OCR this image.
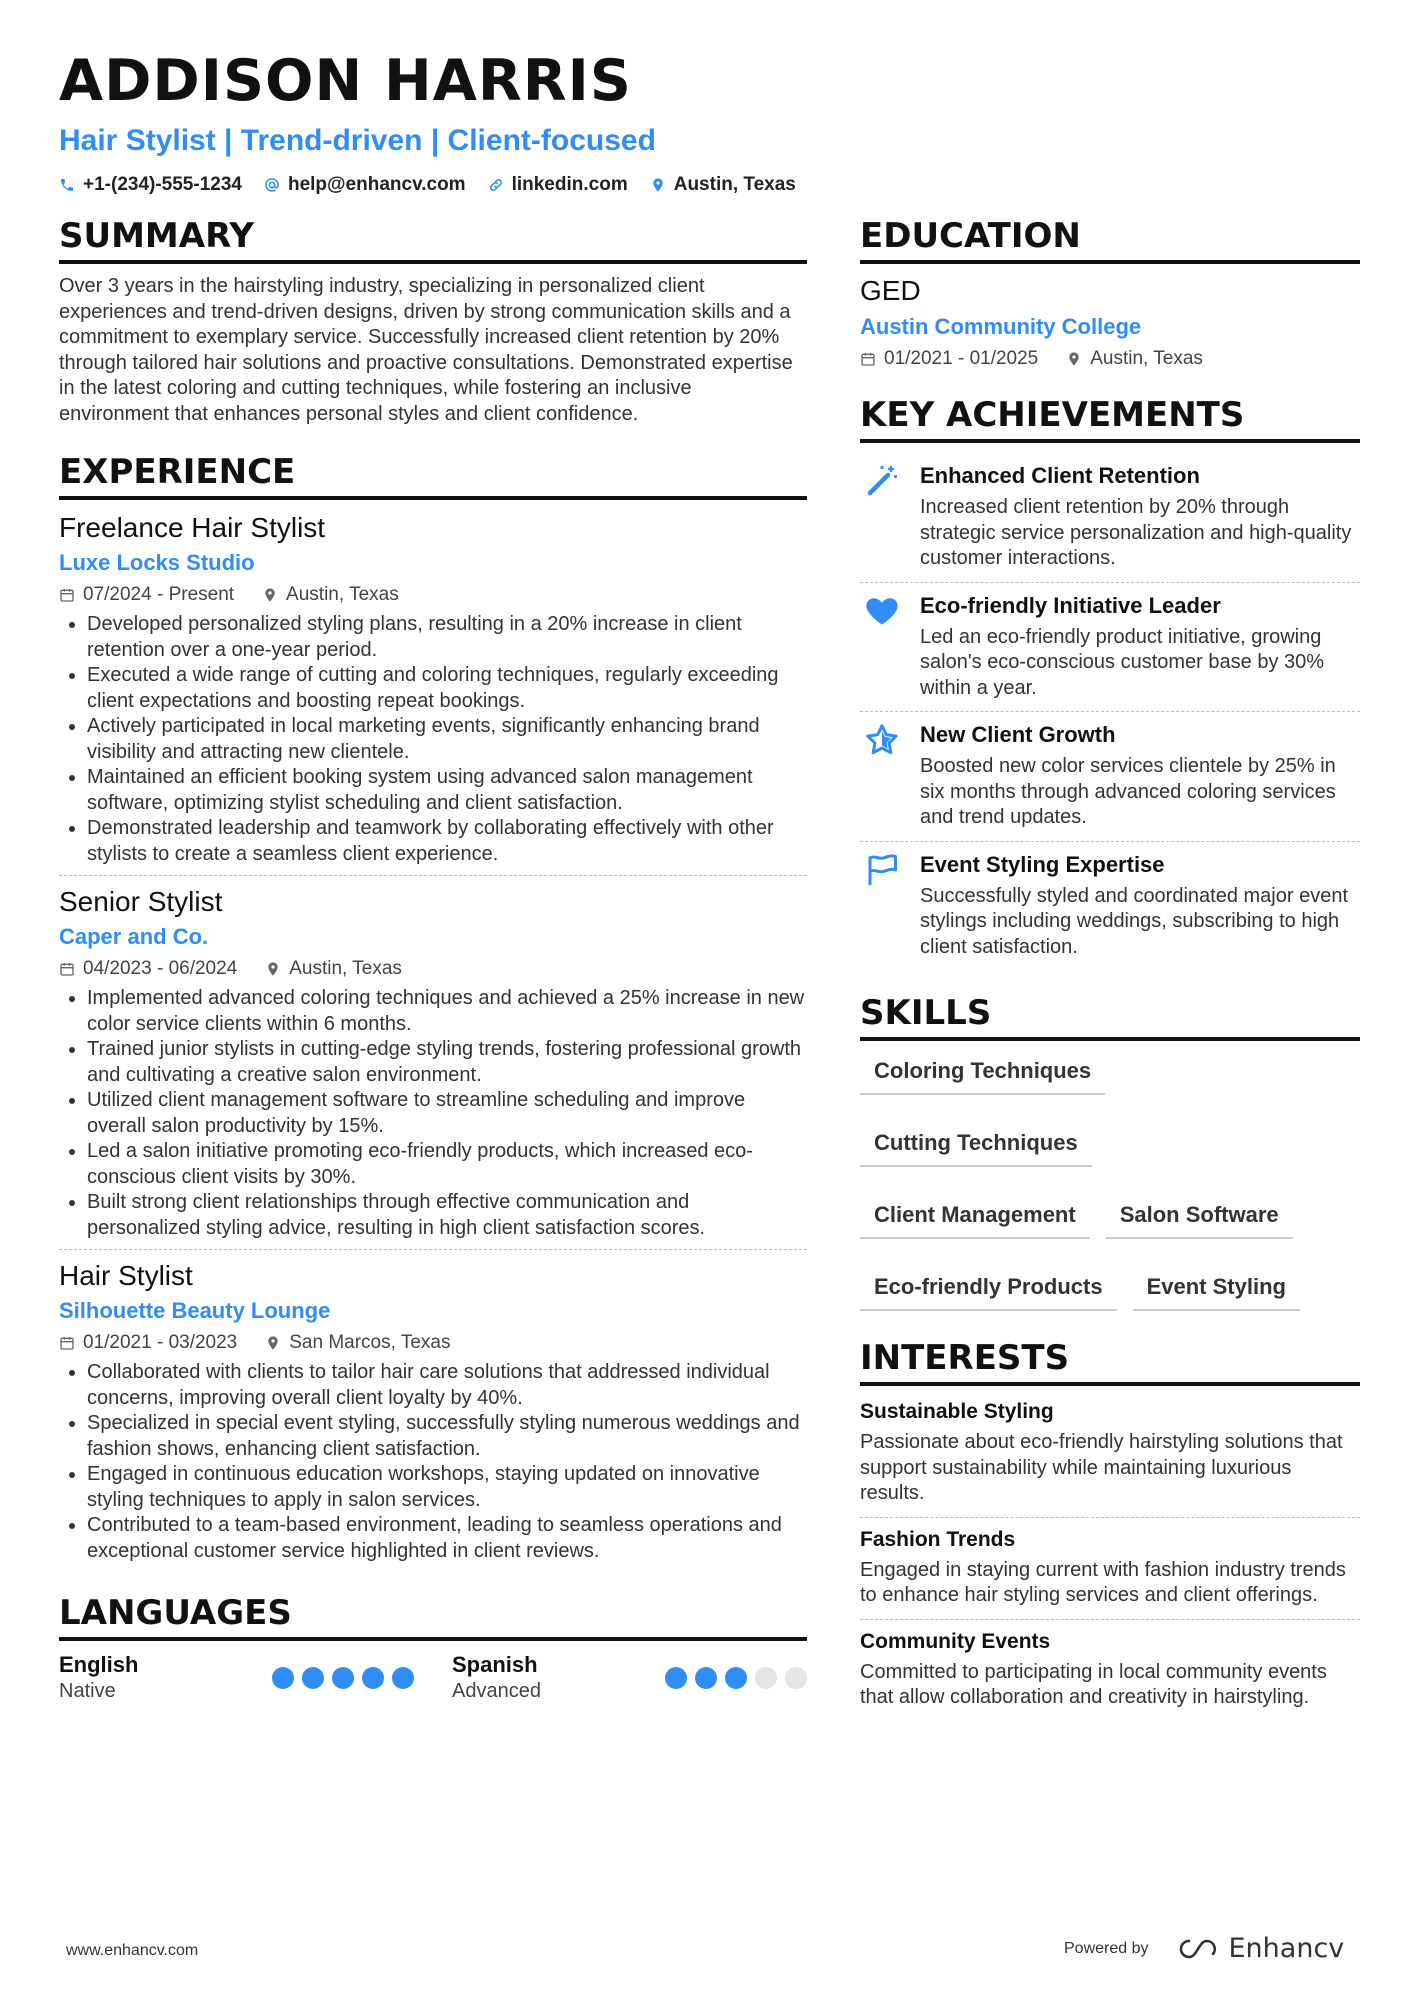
ADDISON HARRIS
Hair Stylist | Trend-driven | Client-focused
+1-(234)-555-1234 help@enhancv.com linkedin.com Austin, Texas
SUMMARY
Over 3 years in the hairstyling industry, specializing in personalized client experiences and trend-driven designs, driven by strong communication skills and a commitment to exemplary service. Successfully increased client retention by 20% through tailored hair solutions and proactive consultations. Demonstrated expertise in the latest coloring and cutting techniques, while fostering an inclusive environment that enhances personal styles and client confidence.
EXPERIENCE
Freelance Hair Stylist
Luxe Locks Studio
07/2024 - Present	Austin, Texas
• Developed personalized styling plans, resulting in a 20% increase in client retention over a one-year period.
• Executed a wide range of cutting and coloring techniques, regularly exceeding client expectations and boosting repeat bookings.
• Actively participated in local marketing events, significantly enhancing brand visibility and attracting new clientele.
• Maintained an efficient booking system using advanced salon management software, optimizing stylist scheduling and client satisfaction.
• Demonstrated leadership and teamwork by collaborating effectively with other stylists to create a seamless client experience.
Senior Stylist
Caper and Co.
04/2023 - 06/2024	Austin, Texas
• Implemented advanced coloring techniques and achieved a 25% increase in new color service clients within 6 months.
• Trained junior stylists in cutting-edge styling trends, fostering professional growth and cultivating a creative salon environment.
• Utilized client management software to streamline scheduling and improve overall salon productivity by 15%.
• Led a salon initiative promoting eco-friendly products, which increased eco-conscious client visits by 30%.
• Built strong client relationships through effective communication and personalized styling advice, resulting in high client satisfaction scores.
Hair Stylist
Silhouette Beauty Lounge
01/2021 - 03/2023	San Marcos, Texas
• Collaborated with clients to tailor hair care solutions that addressed individual concerns, improving overall client loyalty by 40%.
• Specialized in special event styling, successfully styling numerous weddings and fashion shows, enhancing client satisfaction.
• Engaged in continuous education workshops, staying updated on innovative styling techniques to apply in salon services.
• Contributed to a team-based environment, leading to seamless operations and exceptional customer service highlighted in client reviews.
LANGUAGES
English
Native
Spanish
Advanced
EDUCATION
GED
Austin Community College
01/2021 - 01/2025	Austin, Texas
KEY ACHIEVEMENTS
Enhanced Client Retention
Increased client retention by 20% through strategic service personalization and high-quality customer interactions.
Eco-friendly Initiative Leader
Led an eco-friendly product initiative, growing salon's eco-conscious customer base by 30% within a year.
New Client Growth
Boosted new color services clientele by 25% in six months through advanced coloring services and trend updates.
Event Styling Expertise
Successfully styled and coordinated major event stylings including weddings, subscribing to high client satisfaction.
SKILLS
Coloring Techniques
Cutting Techniques
Client Management	Salon Software
Eco-friendly Products	Event Styling
INTERESTS
Sustainable Styling
Passionate about eco-friendly hairstyling solutions that support sustainability while maintaining luxurious results.
Fashion Trends
Engaged in staying current with fashion industry trends to enhance hair styling services and client offerings.
Community Events
Committed to participating in local community events that allow collaboration and creativity in hairstyling.
www.enhancv.com	Powered by	Enhancv
